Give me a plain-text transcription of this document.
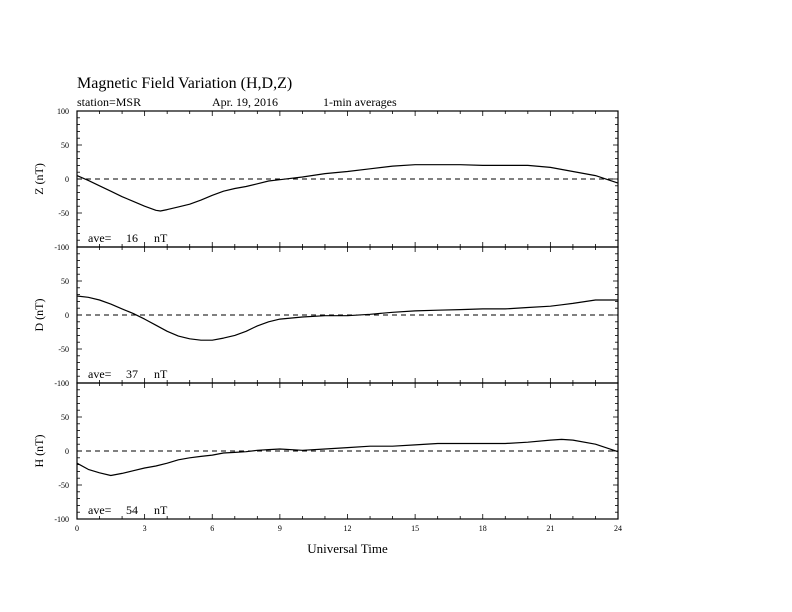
Magnetic Field Variation (H,D,Z)
station=MSR	Apr. 19, 2016	1-min averages
100
50
0
-50
-100
Z (nT)
ave= 16 nT
50
0
-50
-100
D (nT)
ave= 37 nT
50
0
-50
-100
H (nT)
ave= 54 nT
0	3	6	9	12	15	18	21	24
Universal Time
